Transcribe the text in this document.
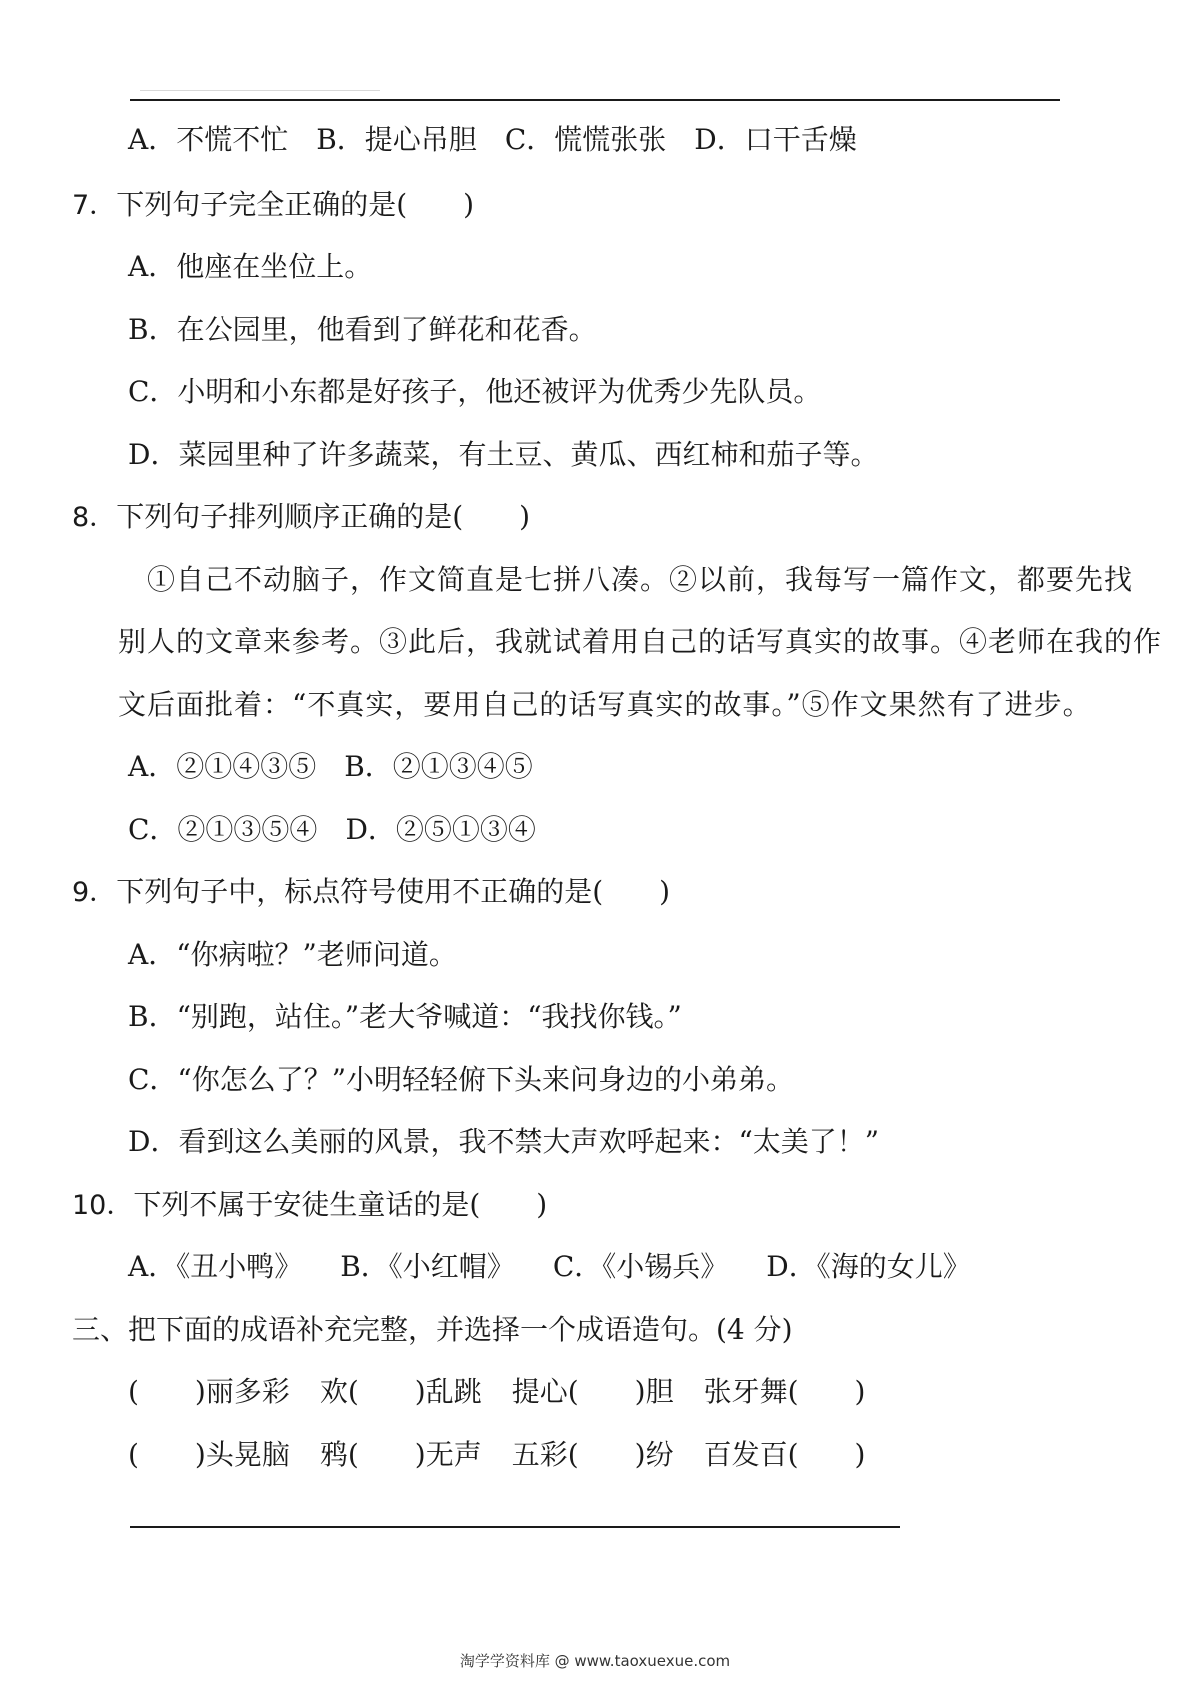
A．不慌不忙 B．提心吊胆 C．慌慌张张 D．口干舌燥
7．下列句子完全正确的是(　　)
A．他座在坐位上。
B．在公园里，他看到了鲜花和花香。
C．小明和小东都是好孩子，他还被评为优秀少先队员。
D．菜园里种了许多蔬菜，有土豆、黄瓜、西红柿和茄子等。
8．下列句子排列顺序正确的是(　　)
　①自己不动脑子，作文简直是七拼八凑。②以前，我每写一篇作文，都要先找
别人的文章来参考。③此后，我就试着用自己的话写真实的故事。④老师在我的作
文后面批着：“不真实，要用自己的话写真实的故事。”⑤作文果然有了进步。
A．②①④③⑤ B．②①③④⑤
C．②①③⑤④ D．②⑤①③④
9．下列句子中，标点符号使用不正确的是(　　)
A．“你病啦？”老师问道。
B．“别跑，站住。”老大爷喊道：“我找你钱。”
C．“你怎么了？”小明轻轻俯下头来问身边的小弟弟。
D．看到这么美丽的风景，我不禁大声欢呼起来：“太美了！”
10．下列不属于安徒生童话的是(　　)
A．《丑小鸭》 B．《小红帽》 C．《小锡兵》 D．《海的女儿》
三、把下面的成语补充完整，并选择一个成语造句。(4 分)
(　　)丽多彩 欢(　　)乱跳 提心(　　)胆 张牙舞(　　)
(　　)头晃脑 鸦(　　)无声 五彩(　　)纷 百发百(　　)
淘学学资料库 @ www.taoxuexue.com
